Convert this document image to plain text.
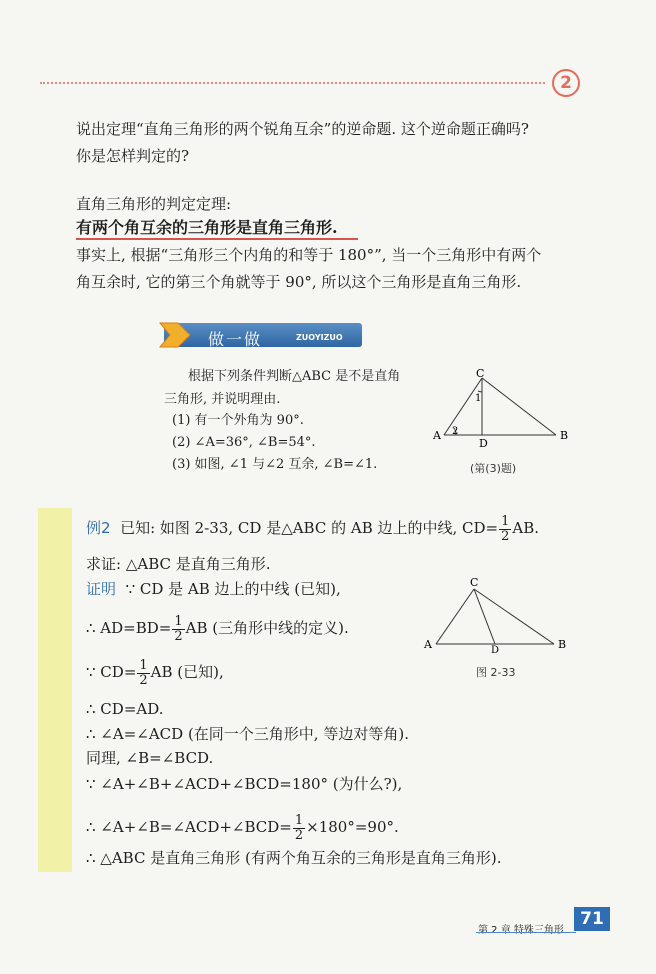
2
说出定理“直角三角形的两个锐角互余”的逆命题. 这个逆命题正确吗?
你是怎样判定的?
直角三角形的判定定理:
有两个角互余的三角形是直角三角形.
事实上, 根据“三角形三个内角的和等于 180°”, 当一个三角形中有两个
角互余时, 它的第三个角就等于 90°, 所以这个三角形是直角三角形.
做一做	ZUOYIZUO
根据下列条件判断△ABC 是不是直角
三角形, 并说明理由.
(1) 有一个外角为 90°.
(2) ∠A=36°, ∠B=54°.
(3) 如图, ∠1 与∠2 互余, ∠B=∠1.
C
A	B
D
1
2
(第(3)题)
例2 已知: 如图 2-33, CD 是△ABC 的 AB 边上的中线, $CD= \frac{1}{2}$ AB.
求证: △ABC 是直角三角形.
证明 ∵ CD 是 AB 边上的中线 (已知),
∴ $AD=BD= \frac{1}{2}$ AB (三角形中线的定义).
∵ $CD= \frac{1}{2}$ AB (已知),
∴ CD=AD.
∴ ∠A=∠ACD (在同一个三角形中, 等边对等角).
同理, ∠B=∠BCD.
∵ ∠A+∠B+∠ACD+∠BCD=180° (为什么?),
∴ ∠A+∠B=∠ACD+∠BCD= $\frac{1}{2} \times 180^\circ=90^\circ$.
∴ △ABC 是直角三角形 (有两个角互余的三角形是直角三角形).
C
A	B
D
图 2-33
第 2 章 特殊三角形
71
